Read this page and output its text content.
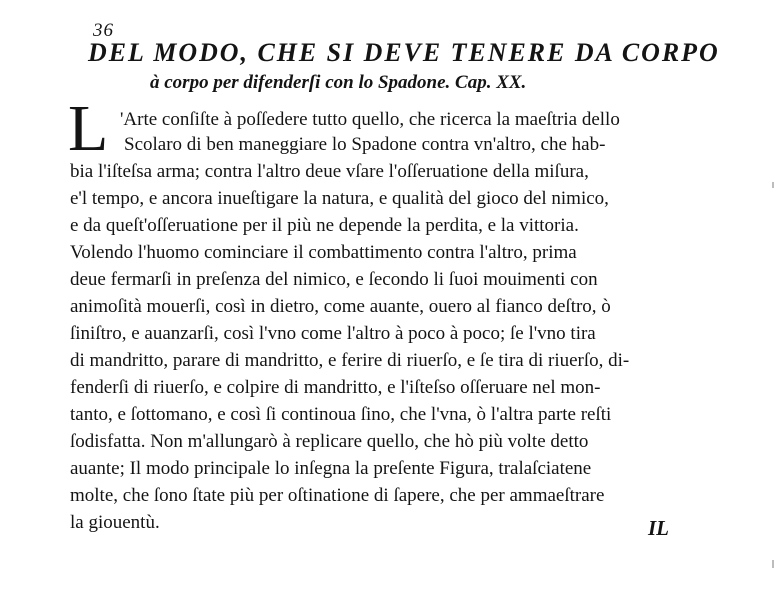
36
DEL MODO, CHE SI DEVE TENERE DA CORPO
à corpo per difenderſi con lo Spadone. Cap. XX.
L 'Arte conſiſte à poſſedere tutto quello, che ricerca la maeſtria dello
Scolaro di ben maneggiare lo Spadone contra vn'altro, che hab-
bia l'iſteſsa arma; contra l'altro deue vſare l'oſſeruatione della miſura,
e'l tempo, e ancora inueſtigare la natura, e qualità del gioco del nimico,
e da queſt'oſſeruatione per il più ne depende la perdita, e la vittoria.
Volendo l'huomo cominciare il combattimento contra l'altro, prima
deue fermarſi in preſenza del nimico, e ſecondo li ſuoi mouimenti con
animoſità mouerſi, così in dietro, come auante, ouero al fianco deſtro, ò
ſiniſtro, e auanzarſi, così l'vno come l'altro à poco à poco; ſe l'vno tira
di mandritto, parare di mandritto, e ferire di riuerſo, e ſe tira di riuerſo, di-
fenderſi di riuerſo, e colpire di mandritto, e l'iſteſso oſſeruare nel mon-
tanto, e ſottomano, e così ſi continoua ſino, che l'vna, ò l'altra parte reſti
ſodisfatta. Non m'allungarò à replicare quello, che hò più volte detto
auante; Il modo principale lo inſegna la preſente Figura, tralaſciatene
molte, che ſono ſtate più per oſtinatione di ſapere, che per ammaeſtrare
la giouentù.	IL
